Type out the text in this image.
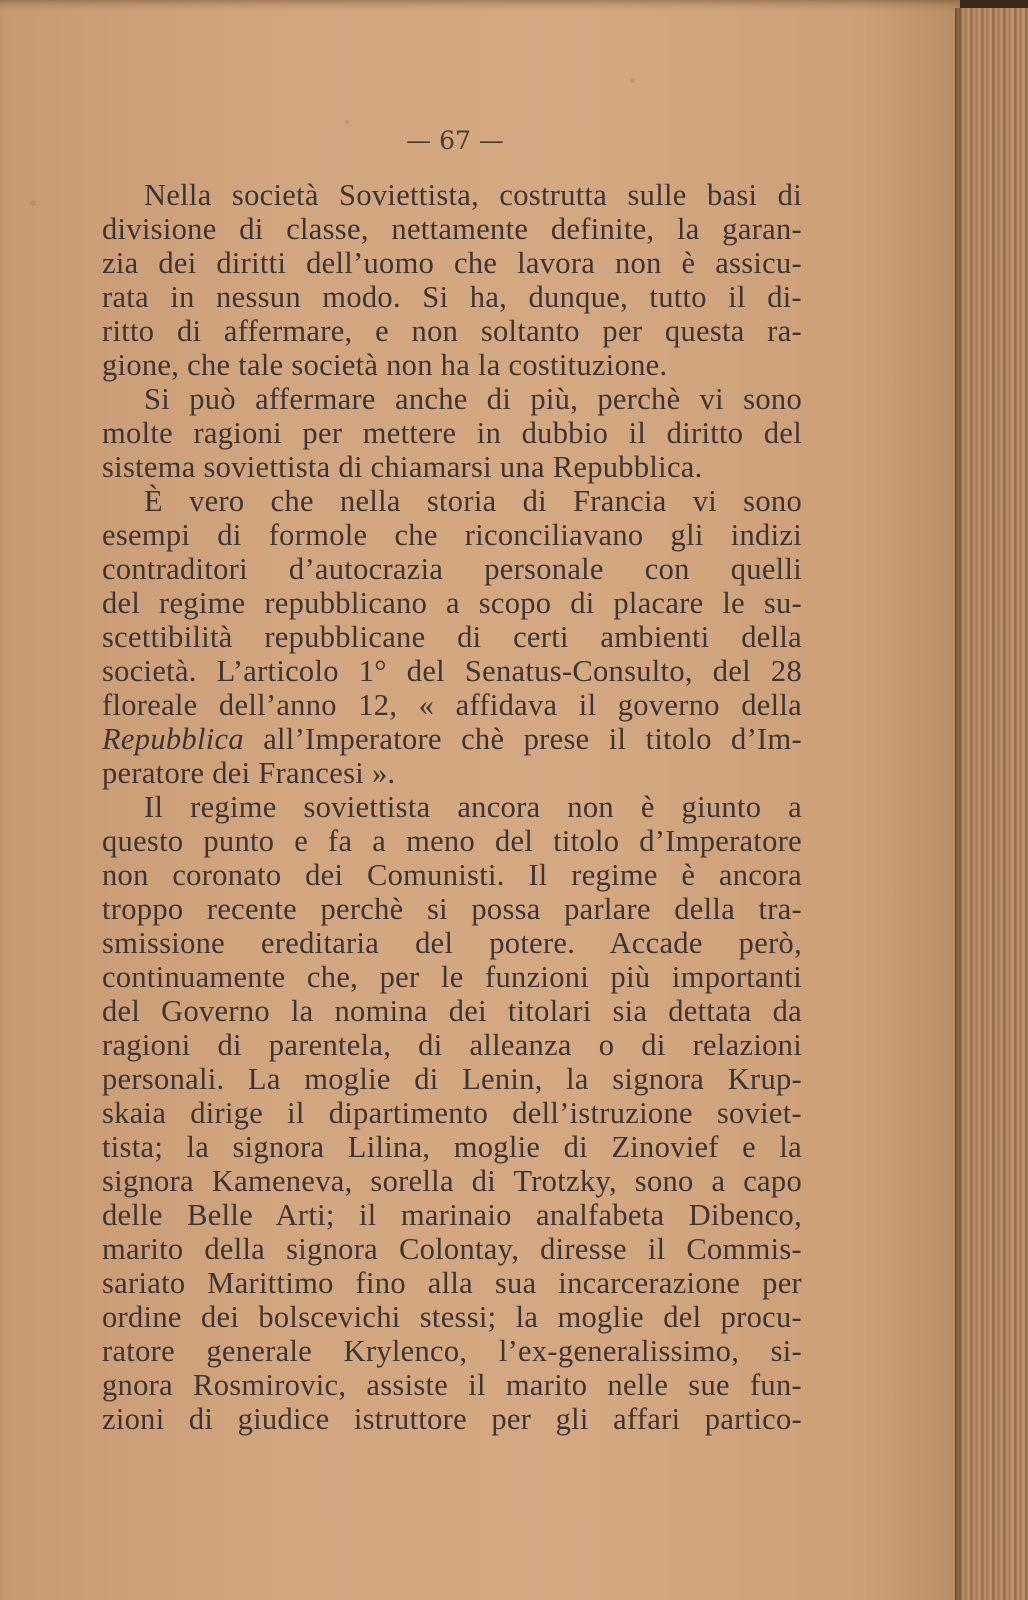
— 67 —
Nella società Soviettista, costrutta sulle basi di
divisione di classe, nettamente definite, la garan-
zia dei diritti dell’uomo che lavora non è assicu-
rata in nessun modo. Si ha, dunque, tutto il di-
ritto di affermare, e non soltanto per questa ra-
gione, che tale società non ha la costituzione.
Si può affermare anche di più, perchè vi sono
molte ragioni per mettere in dubbio il diritto del
sistema soviettista di chiamarsi una Repubblica.
È vero che nella storia di Francia vi sono
esempi di formole che riconciliavano gli indizi
contraditori d’autocrazia personale con quelli
del regime repubblicano a scopo di placare le su-
scettibilità repubblicane di certi ambienti della
società. L’articolo 1° del Senatus-Consulto, del 28
floreale dell’anno 12, « affidava il governo della
Repubblica all’Imperatore chè prese il titolo d’Im-
peratore dei Francesi ».
Il regime soviettista ancora non è giunto a
questo punto e fa a meno del titolo d’Imperatore
non coronato dei Comunisti. Il regime è ancora
troppo recente perchè si possa parlare della tra-
smissione ereditaria del potere. Accade però,
continuamente che, per le funzioni più importanti
del Governo la nomina dei titolari sia dettata da
ragioni di parentela, di alleanza o di relazioni
personali. La moglie di Lenin, la signora Krup-
skaia dirige il dipartimento dell’istruzione soviet-
tista; la signora Lilina, moglie di Zinovief e la
signora Kameneva, sorella di Trotzky, sono a capo
delle Belle Arti; il marinaio analfabeta Dibenco,
marito della signora Colontay, diresse il Commis-
sariato Marittimo fino alla sua incarcerazione per
ordine dei bolscevichi stessi; la moglie del procu-
ratore generale Krylenco, l’ex-generalissimo, si-
gnora Rosmirovic, assiste il marito nelle sue fun-
zioni di giudice istruttore per gli affari partico-
